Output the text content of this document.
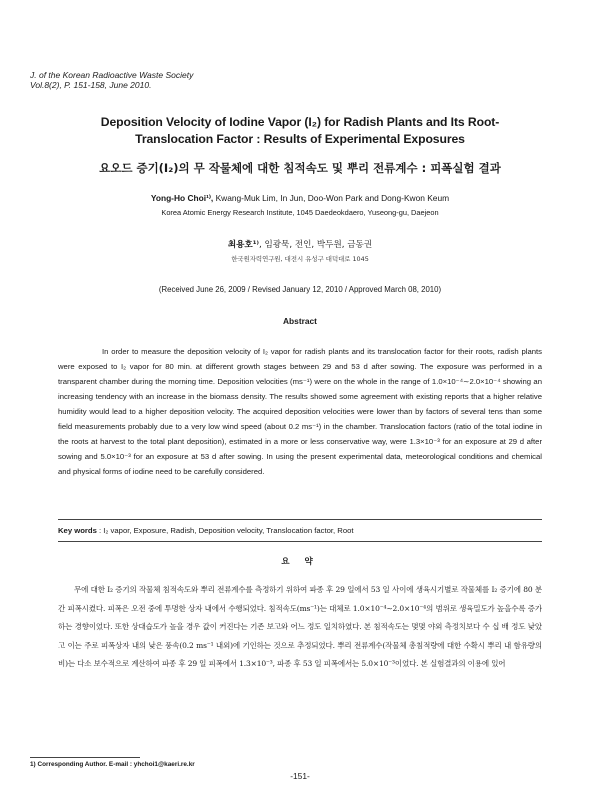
J. of the Korean Radioactive Waste Society
Vol.8(2), P. 151-158, June 2010.
Deposition Velocity of Iodine Vapor (I₂) for Radish Plants and Its Root-
Translocation Factor : Results of Experimental Exposures
요오드 증기(I₂)의 무 작물체에 대한 침적속도 및 뿌리 전류계수 : 피폭실험 결과
Yong-Ho Choi¹⁾, Kwang-Muk Lim, In Jun, Doo-Won Park and Dong-Kwon Keum
Korea Atomic Energy Research Institute, 1045 Daedeokdaero, Yuseong-gu, Daejeon
최용호¹⁾, 임광묵, 전인, 박두원, 금동권
한국원자력연구원, 대전시 유성구 대덕대로 1045
(Received June 26, 2009 / Revised January 12, 2010 / Approved March 08, 2010)
Abstract

In order to measure the deposition velocity of I₂ vapor for radish plants and its translocation factor for their roots, radish plants were exposed to I₂ vapor for 80 min. at different growth stages between 29 and 53 d after sowing. The exposure was performed in a transparent chamber during the morning time. Deposition velocities (ms⁻¹) were on the whole in the range of 1.0×10⁻⁴∼2.0×10⁻⁴ showing an increasing tendency with an increase in the biomass density. The results showed some agreement with existing reports that a higher relative humidity would lead to a higher deposition velocity. The acquired deposition velocities were lower than by factors of several tens than some field measurements probably due to a very low wind speed (about 0.2 ms⁻¹) in the chamber. Translocation factors (ratio of the total iodine in the roots at harvest to the total plant deposition), estimated in a more or less conservative way, were 1.3×10⁻³ for an exposure at 29 d after sowing and 5.0×10⁻³ for an exposure at 53 d after sowing. In using the present experimental data, meteorological conditions and chemical and physical forms of iodine need to be carefully considered.

Key words : I₂ vapor, Exposure, Radish, Deposition velocity, Translocation factor, Root
요 약

무에 대한 I₂ 증기의 작물체 침적속도와 뿌리 전류계수를 측정하기 위하여 파종 후 29 일에서 53 일 사이에 생육시기별로 작물체를 I₂ 증기에 80 분 간 피폭시켰다. 피폭은 오전 중에 투명한 상자 내에서 수행되었다. 침적속도(ms⁻¹)는 대체로 1.0×10⁻⁴∼2.0×10⁻⁴의 범위로 생육밀도가 높을수록 증가하는 경향이었다. 또한 상대습도가 높을 경우 값이 커진다는 기존 보고와 어느 정도 일치하였다. 본 침적속도는 몇몇 야외 측정치보다 수 십 배 정도 낮았고 이는 주로 피폭상자 내의 낮은 풍속(0.2 ms⁻¹ 내외)에 기인하는 것으로 추정되었다. 뿌리 전류계수(작물체 총침적량에 대한 수확시 뿌리 내 함유량의 비)는 다소 보수적으로 계산하여 파종 후 29 일 피폭에서 1.3×10⁻³, 파종 후 53 일 피폭에서는 5.0×10⁻³이었다. 본 실험결과의 이용에 있어

1) Corresponding Author. E-mail : yhchoi1@kaeri.re.kr
-151-
